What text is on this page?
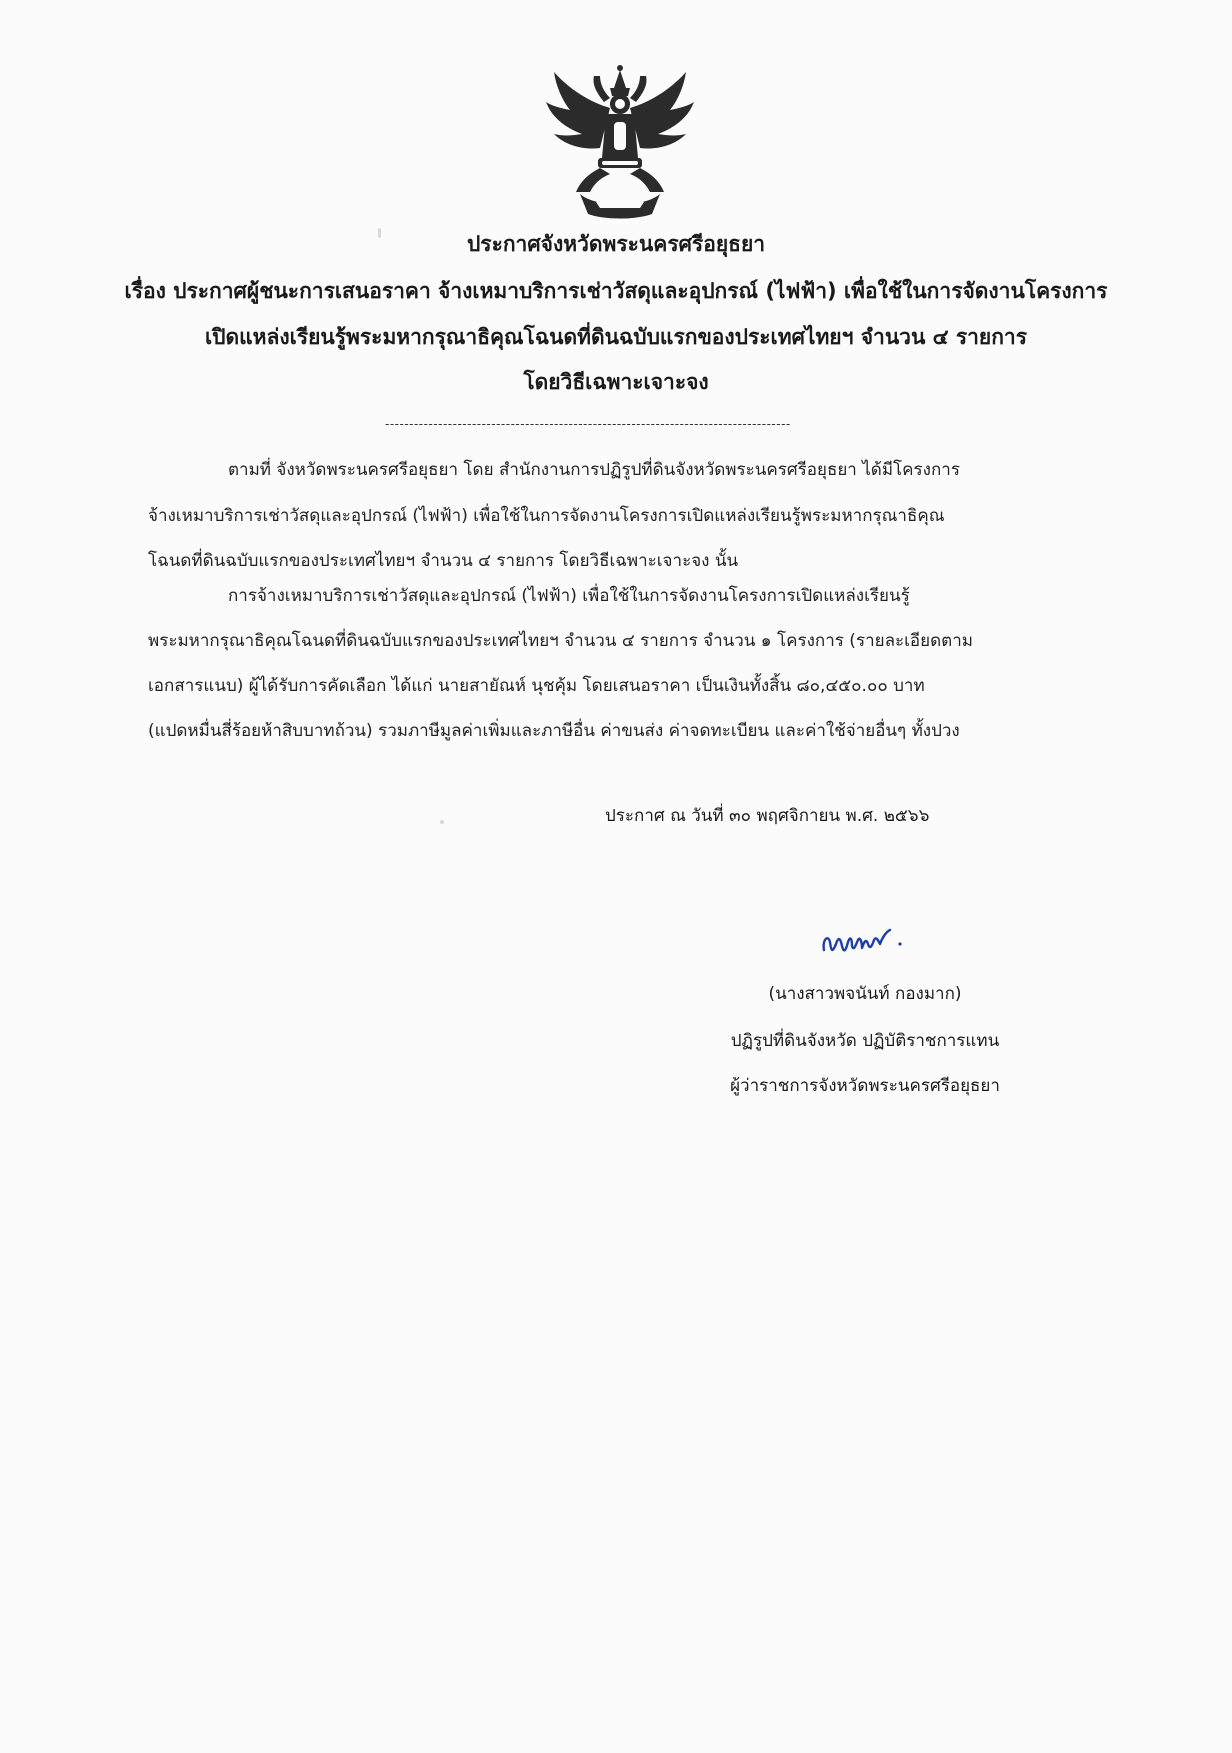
ประกาศจังหวัดพระนครศรีอยุธยา
เรื่อง ประกาศผู้ชนะการเสนอราคา จ้างเหมาบริการเช่าวัสดุและอุปกรณ์ (ไฟฟ้า) เพื่อใช้ในการจัดงานโครงการ
เปิดแหล่งเรียนรู้พระมหากรุณาธิคุณโฉนดที่ดินฉบับแรกของประเทศไทยฯ จำนวน ๔ รายการ
โดยวิธีเฉพาะเจาะจง
------------------------------------------------------------------------------------
ตามที่ จังหวัดพระนครศรีอยุธยา โดย สำนักงานการปฏิรูปที่ดินจังหวัดพระนครศรีอยุธยา ได้มีโครงการ
จ้างเหมาบริการเช่าวัสดุและอุปกรณ์ (ไฟฟ้า) เพื่อใช้ในการจัดงานโครงการเปิดแหล่งเรียนรู้พระมหากรุณาธิคุณ
โฉนดที่ดินฉบับแรกของประเทศไทยฯ จำนวน ๔ รายการ โดยวิธีเฉพาะเจาะจง นั้น
การจ้างเหมาบริการเช่าวัสดุและอุปกรณ์ (ไฟฟ้า) เพื่อใช้ในการจัดงานโครงการเปิดแหล่งเรียนรู้
พระมหากรุณาธิคุณโฉนดที่ดินฉบับแรกของประเทศไทยฯ จำนวน ๔ รายการ จำนวน ๑ โครงการ (รายละเอียดตาม
เอกสารแนบ) ผู้ได้รับการคัดเลือก ได้แก่ นายสายัณห์ นุชคุ้ม โดยเสนอราคา เป็นเงินทั้งสิ้น ๘๐,๔๕๐.๐๐ บาท
(แปดหมื่นสี่ร้อยห้าสิบบาทถ้วน) รวมภาษีมูลค่าเพิ่มและภาษีอื่น ค่าขนส่ง ค่าจดทะเบียน และค่าใช้จ่ายอื่นๆ ทั้งปวง
ประกาศ ณ วันที่ ๓๐ พฤศจิกายน พ.ศ. ๒๕๖๖
(นางสาวพจนันท์ กองมาก)
ปฏิรูปที่ดินจังหวัด ปฏิบัติราชการแทน
ผู้ว่าราชการจังหวัดพระนครศรีอยุธยา
